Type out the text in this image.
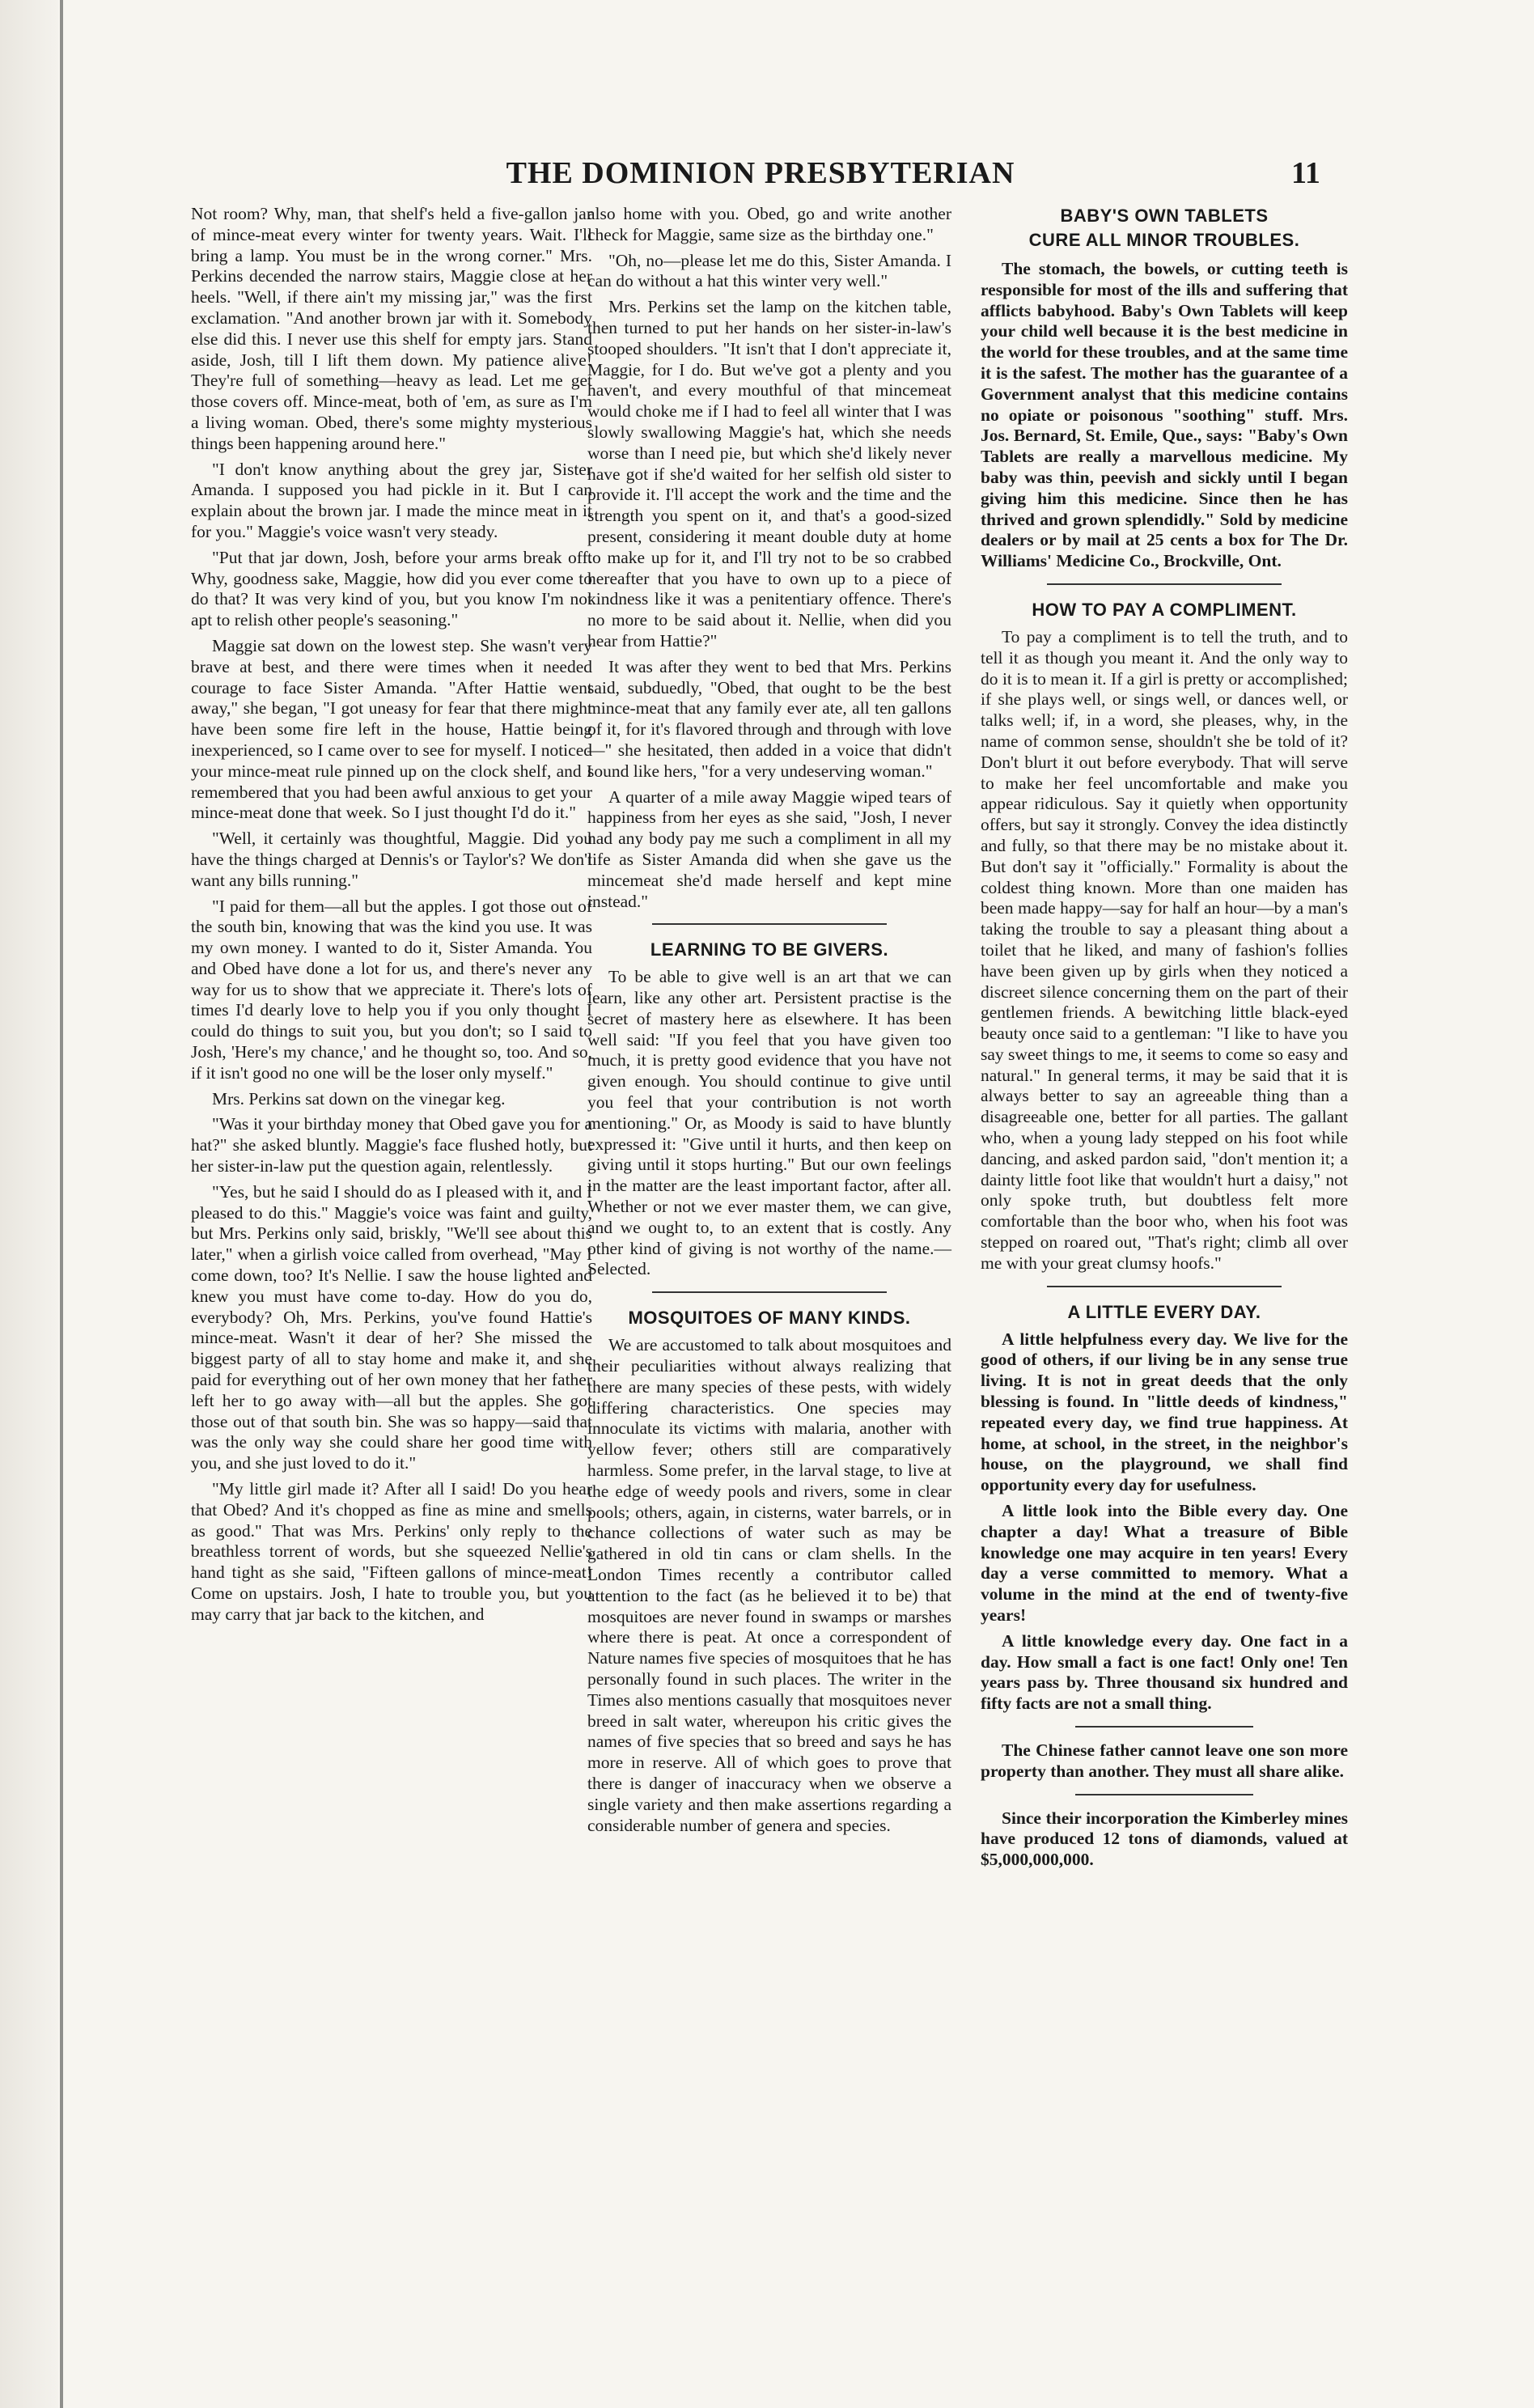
THE DOMINION PRESBYTERIAN	11

Not room? Why, man, that shelf's held a five-gallon jar of mince-meat every winter for twenty years. Wait. I'll bring a lamp. You must be in the wrong corner." Mrs. Perkins decended the narrow stairs, Maggie close at her heels. "Well, if there ain't my missing jar," was the first exclamation. "And another brown jar with it. Somebody else did this. I never use this shelf for empty jars. Stand aside, Josh, till I lift them down. My patience alive! They're full of something—heavy as lead. Let me get those covers off. Mince-meat, both of 'em, as sure as I'm a living woman. Obed, there's some mighty mysterious things been happening around here."

"I don't know anything about the grey jar, Sister Amanda. I supposed you had pickle in it. But I can explain about the brown jar. I made the mince meat in it for you." Maggie's voice wasn't very steady.

"Put that jar down, Josh, before your arms break off. Why, goodness sake, Maggie, how did you ever come to do that? It was very kind of you, but you know I'm not apt to relish other people's seasoning."

Maggie sat down on the lowest step. She wasn't very brave at best, and there were times when it needed courage to face Sister Amanda. "After Hattie went away," she began, "I got uneasy for fear that there might have been some fire left in the house, Hattie being inexperienced, so I came over to see for myself. I noticed your mince-meat rule pinned up on the clock shelf, and I remembered that you had been awful anxious to get your mince-meat done that week. So I just thought I'd do it."

"Well, it certainly was thoughtful, Maggie. Did you have the things charged at Dennis's or Taylor's? We don't want any bills running."

"I paid for them—all but the apples. I got those out of the south bin, knowing that was the kind you use. It was my own money. I wanted to do it, Sister Amanda. You and Obed have done a lot for us, and there's never any way for us to show that we appreciate it. There's lots of times I'd dearly love to help you if you only thought I could do things to suit you, but you don't; so I said to Josh, 'Here's my chance,' and he thought so, too. And so, if it isn't good no one will be the loser only myself."

Mrs. Perkins sat down on the vinegar keg.

"Was it your birthday money that Obed gave you for a hat?" she asked bluntly. Maggie's face flushed hotly, but her sister-in-law put the question again, relentlessly.

"Yes, but he said I should do as I pleased with it, and I pleased to do this." Maggie's voice was faint and guilty, but Mrs. Perkins only said, briskly, "We'll see about this later," when a girlish voice called from overhead, "May I come down, too? It's Nellie. I saw the house lighted and knew you must have come to-day. How do you do, everybody? Oh, Mrs. Perkins, you've found Hattie's mince-meat. Wasn't it dear of her? She missed the biggest party of all to stay home and make it, and she paid for everything out of her own money that her father left her to go away with—all but the apples. She got those out of that south bin. She was so happy—said that was the only way she could share her good time with you, and she just loved to do it."

"My little girl made it? After all I said! Do you hear that Obed? And it's chopped as fine as mine and smells as good." That was Mrs. Perkins' only reply to the breathless torrent of words, but she squeezed Nellie's hand tight as she said, "Fifteen gallons of mince-meat! Come on upstairs. Josh, I hate to trouble you, but you may carry that jar back to the kitchen, and

also home with you. Obed, go and write another check for Maggie, same size as the birthday one."

"Oh, no—please let me do this, Sister Amanda. I can do without a hat this winter very well."

Mrs. Perkins set the lamp on the kitchen table, then turned to put her hands on her sister-in-law's stooped shoulders. "It isn't that I don't appreciate it, Maggie, for I do. But we've got a plenty and you haven't, and every mouthful of that mincemeat would choke me if I had to feel all winter that I was slowly swallowing Maggie's hat, which she needs worse than I need pie, but which she'd likely never have got if she'd waited for her selfish old sister to provide it. I'll accept the work and the time and the strength you spent on it, and that's a good-sized present, considering it meant double duty at home to make up for it, and I'll try not to be so crabbed hereafter that you have to own up to a piece of kindness like it was a penitentiary offence. There's no more to be said about it. Nellie, when did you hear from Hattie?"

It was after they went to bed that Mrs. Perkins said, subduedly, "Obed, that ought to be the best mince-meat that any family ever ate, all ten gallons of it, for it's flavored through and through with love—" she hesitated, then added in a voice that didn't sound like hers, "for a very undeserving woman."

A quarter of a mile away Maggie wiped tears of happiness from her eyes as she said, "Josh, I never had any body pay me such a compliment in all my life as Sister Amanda did when she gave us the mincemeat she'd made herself and kept mine instead."

LEARNING TO BE GIVERS.

To be able to give well is an art that we can learn, like any other art. Persistent practise is the secret of mastery here as elsewhere. It has been well said: "If you feel that you have given too much, it is pretty good evidence that you have not given enough. You should continue to give until you feel that your contribution is not worth mentioning." Or, as Moody is said to have bluntly expressed it: "Give until it hurts, and then keep on giving until it stops hurting." But our own feelings in the matter are the least important factor, after all. Whether or not we ever master them, we can give, and we ought to, to an extent that is costly. Any other kind of giving is not worthy of the name.—Selected.

MOSQUITOES OF MANY KINDS.

We are accustomed to talk about mosquitoes and their peculiarities without always realizing that there are many species of these pests, with widely differing characteristics. One species may innoculate its victims with malaria, another with yellow fever; others still are comparatively harmless. Some prefer, in the larval stage, to live at the edge of weedy pools and rivers, some in clear pools; others, again, in cisterns, water barrels, or in chance collections of water such as may be gathered in old tin cans or clam shells. In the London Times recently a contributor called attention to the fact (as he believed it to be) that mosquitoes are never found in swamps or marshes where there is peat. At once a correspondent of Nature names five species of mosquitoes that he has personally found in such places. The writer in the Times also mentions casually that mosquitoes never breed in salt water, whereupon his critic gives the names of five species that so breed and says he has more in reserve. All of which goes to prove that there is danger of inaccuracy when we observe a single variety and then make assertions regarding a considerable number of genera and species.

BABY'S OWN TABLETS
CURE ALL MINOR TROUBLES.

The stomach, the bowels, or cutting teeth is responsible for most of the ills and suffering that afflicts babyhood. Baby's Own Tablets will keep your child well because it is the best medicine in the world for these troubles, and at the same time it is the safest. The mother has the guarantee of a Government analyst that this medicine contains no opiate or poisonous "soothing" stuff. Mrs. Jos. Bernard, St. Emile, Que., says: "Baby's Own Tablets are really a marvellous medicine. My baby was thin, peevish and sickly until I began giving him this medicine. Since then he has thrived and grown splendidly." Sold by medicine dealers or by mail at 25 cents a box for The Dr. Williams' Medicine Co., Brockville, Ont.

HOW TO PAY A COMPLIMENT.

To pay a compliment is to tell the truth, and to tell it as though you meant it. And the only way to do it is to mean it. If a girl is pretty or accomplished; if she plays well, or sings well, or dances well, or talks well; if, in a word, she pleases, why, in the name of common sense, shouldn't she be told of it? Don't blurt it out before everybody. That will serve to make her feel uncomfortable and make you appear ridiculous. Say it quietly when opportunity offers, but say it strongly. Convey the idea distinctly and fully, so that there may be no mistake about it. But don't say it "officially." Formality is about the coldest thing known. More than one maiden has been made happy—say for half an hour—by a man's taking the trouble to say a pleasant thing about a toilet that he liked, and many of fashion's follies have been given up by girls when they noticed a discreet silence concerning them on the part of their gentlemen friends. A bewitching little black-eyed beauty once said to a gentleman: "I like to have you say sweet things to me, it seems to come so easy and natural." In general terms, it may be said that it is always better to say an agreeable thing than a disagreeable one, better for all parties. The gallant who, when a young lady stepped on his foot while dancing, and asked pardon said, "don't mention it; a dainty little foot like that wouldn't hurt a daisy," not only spoke truth, but doubtless felt more comfortable than the boor who, when his foot was stepped on roared out, "That's right; climb all over me with your great clumsy hoofs."

A LITTLE EVERY DAY.

A little helpfulness every day. We live for the good of others, if our living be in any sense true living. It is not in great deeds that the only blessing is found. In "little deeds of kindness," repeated every day, we find true happiness. At home, at school, in the street, in the neighbor's house, on the playground, we shall find opportunity every day for usefulness.

A little look into the Bible every day. One chapter a day! What a treasure of Bible knowledge one may acquire in ten years! Every day a verse committed to memory. What a volume in the mind at the end of twenty-five years!

A little knowledge every day. One fact in a day. How small a fact is one fact! Only one! Ten years pass by. Three thousand six hundred and fifty facts are not a small thing.

The Chinese father cannot leave one son more property than another. They must all share alike.

Since their incorporation the Kimberley mines have produced 12 tons of diamonds, valued at $5,000,000,000.
